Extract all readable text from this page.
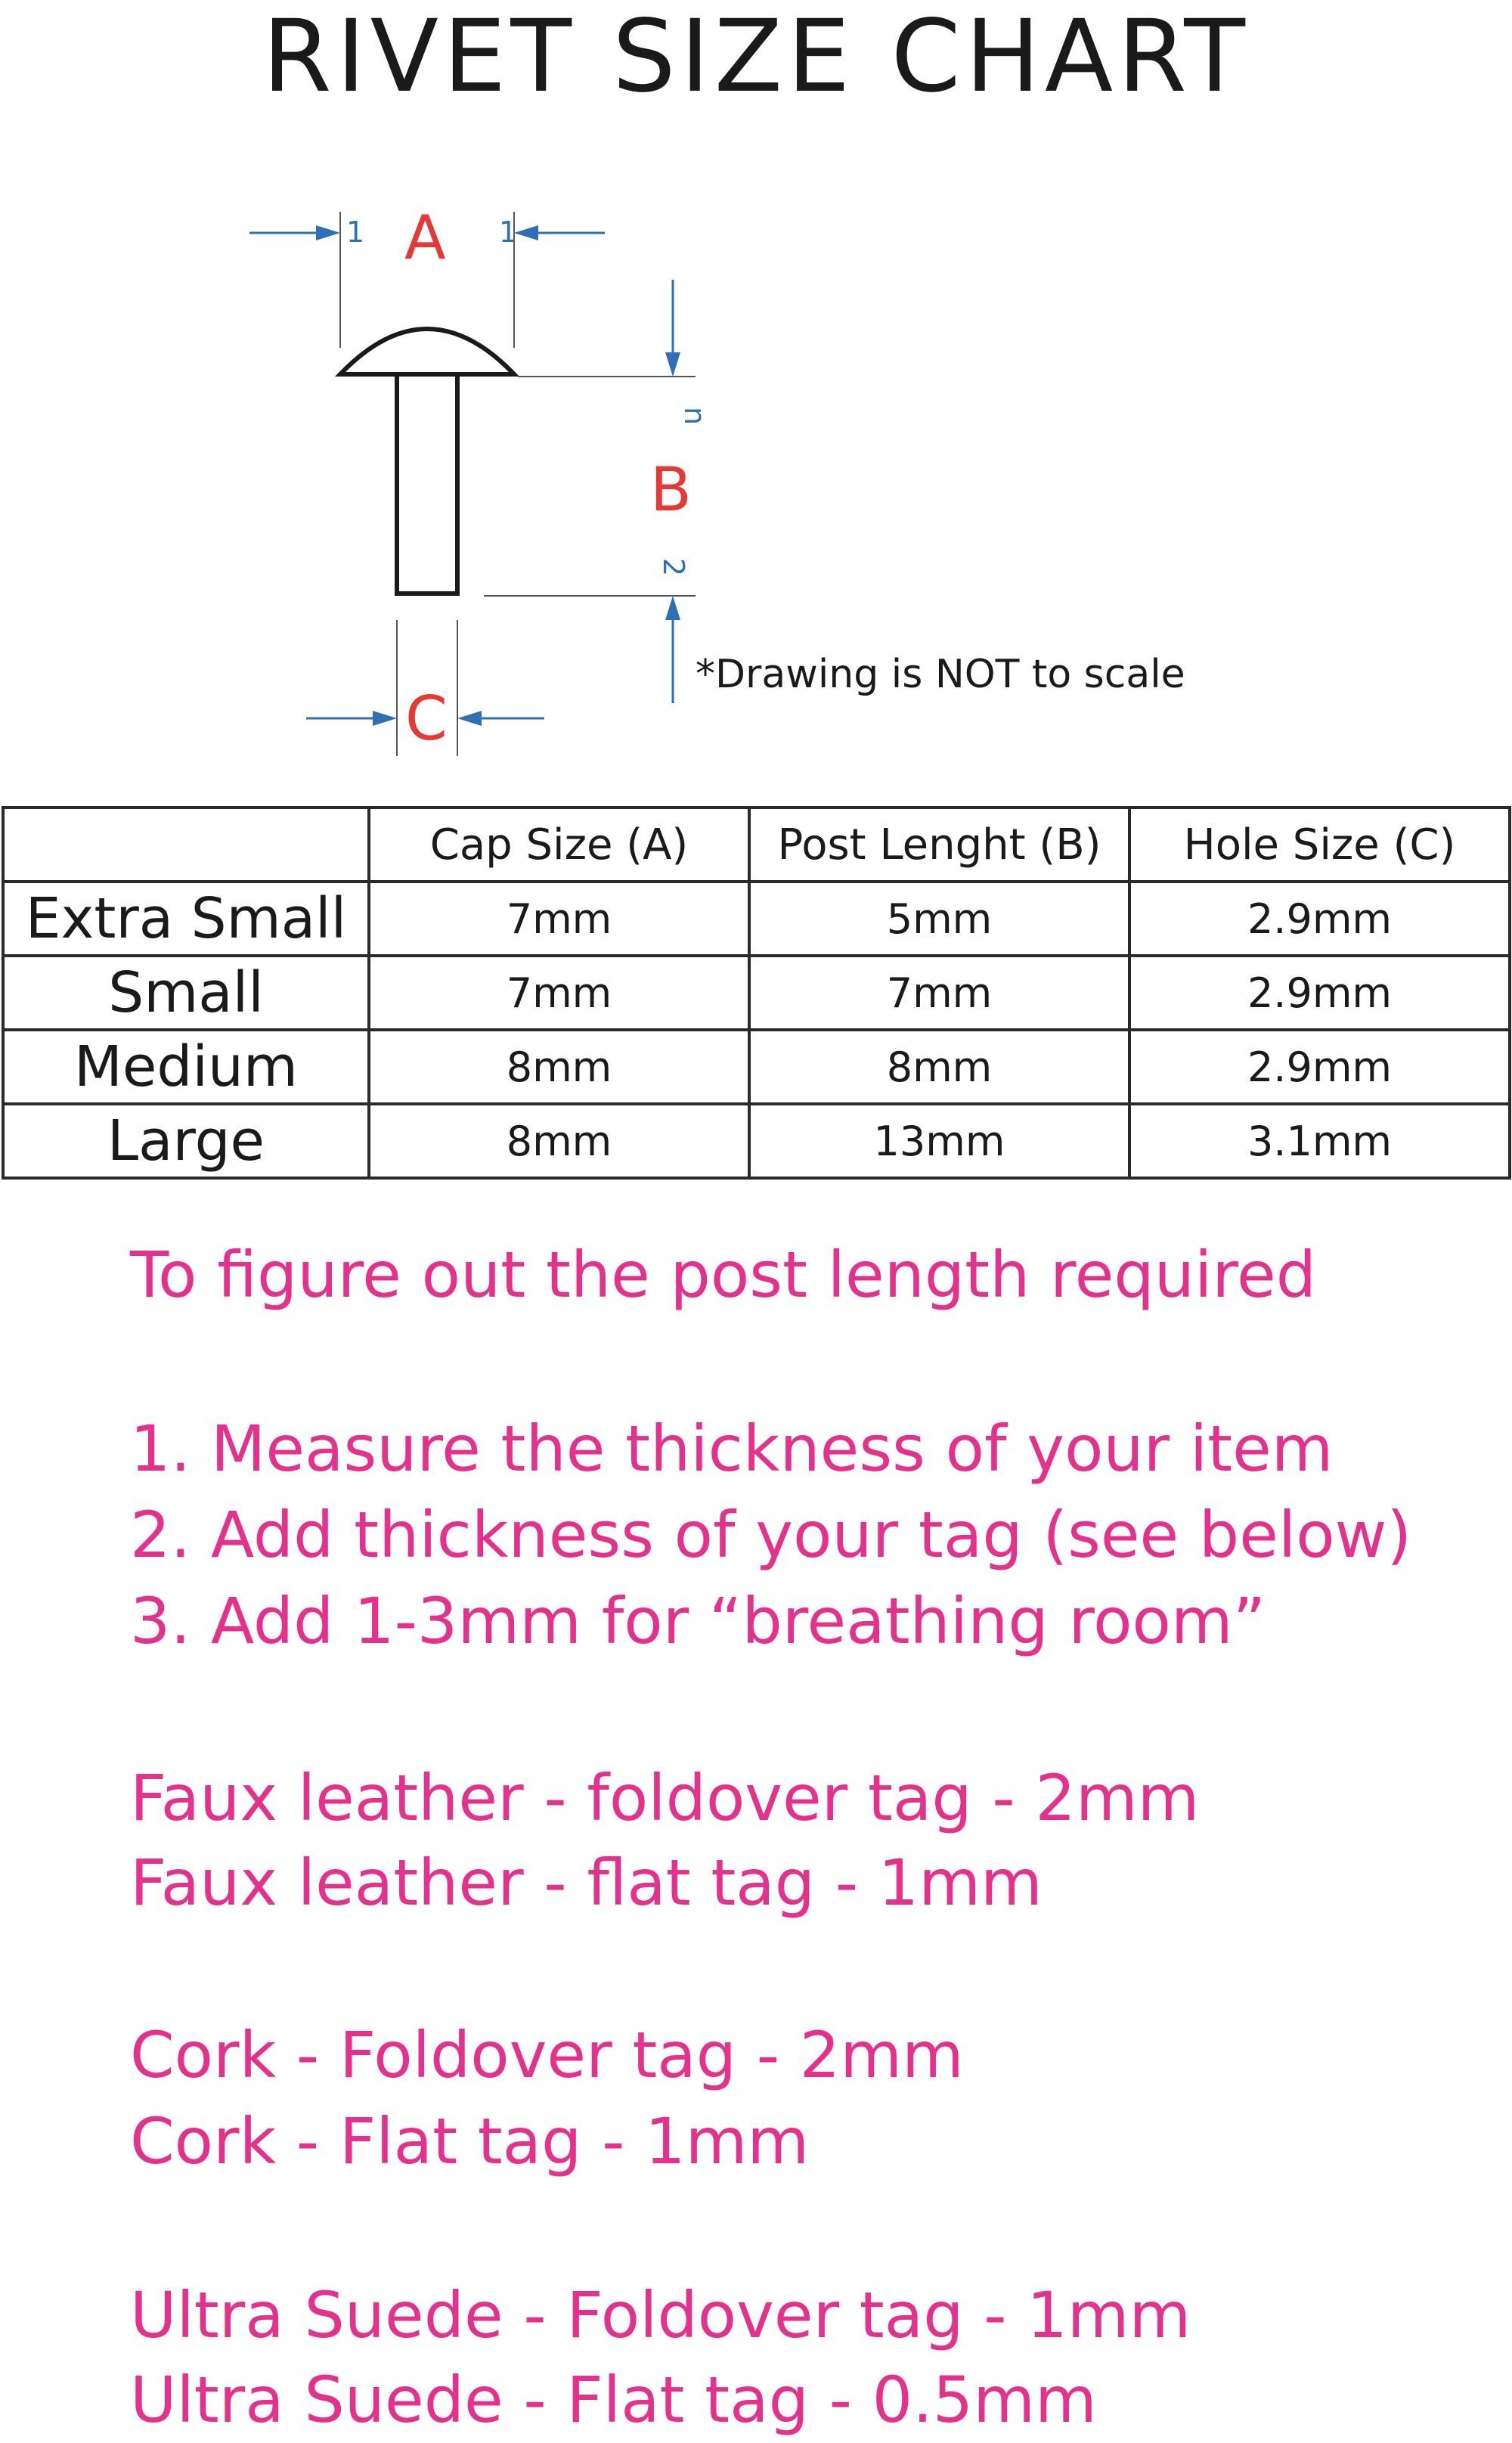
RIVET SIZE CHART
1	1
A
n
2
B
C
*Drawing is NOT to scale
	Cap Size (A)	Post Lenght (B)	Hole Size (C)
Extra Small	7mm	5mm	2.9mm
Small	7mm	7mm	2.9mm
Medium	8mm	8mm	2.9mm
Large	8mm	13mm	3.1mm
To figure out the post length required
1. Measure the thickness of your item
2. Add thickness of your tag (see below)
3. Add 1-3mm for “breathing room”
Faux leather - foldover tag - 2mm
Faux leather - flat tag - 1mm
Cork - Foldover tag - 2mm
Cork - Flat tag - 1mm
Ultra Suede - Foldover tag - 1mm
Ultra Suede - Flat tag - 0.5mm
